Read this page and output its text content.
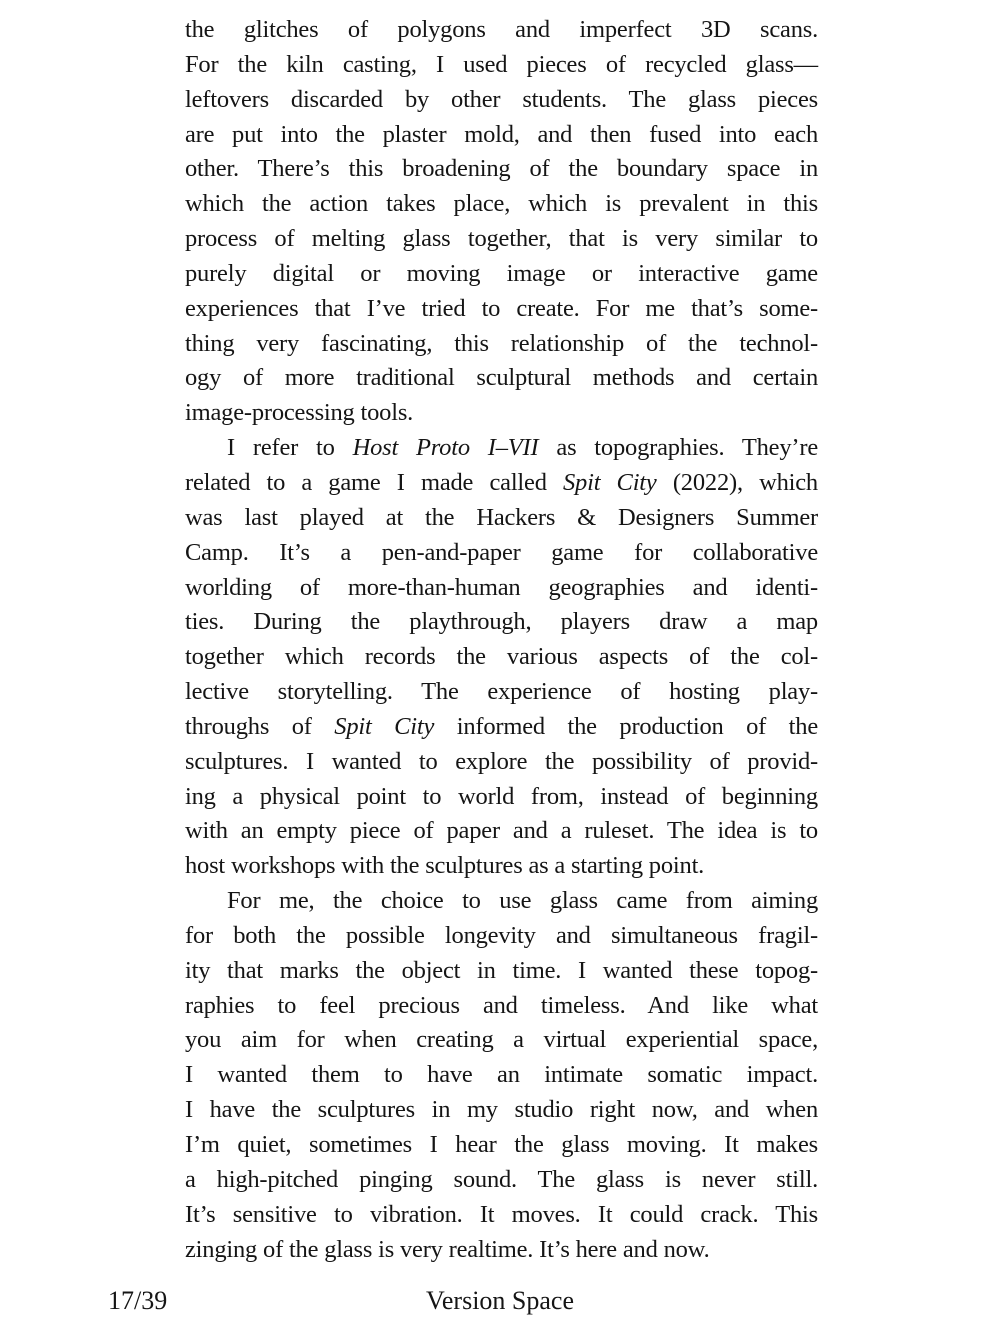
the glitches of polygons and imperfect 3D scans.
For the kiln casting, I used pieces of recycled glass—
leftovers discarded by other students. The glass pieces
are put into the plaster mold, and then fused into each
other. There’s this broadening of the boundary space in
which the action takes place, which is prevalent in this
process of melting glass together, that is very similar to
purely digital or moving image or interactive game
experiences that I’ve tried to create. For me that’s some-
thing very fascinating, this relationship of the technol-
ogy of more traditional sculptural methods and certain
image-processing tools.
I refer to Host Proto I–VII as topographies. They’re
related to a game I made called Spit City (2022), which
was last played at the Hackers & Designers Summer
Camp. It’s a pen-and-paper game for collaborative
worlding of more-than-human geographies and identi-
ties. During the playthrough, players draw a map
together which records the various aspects of the col-
lective storytelling. The experience of hosting play-
throughs of Spit City informed the production of the
sculptures. I wanted to explore the possibility of provid-
ing a physical point to world from, instead of beginning
with an empty piece of paper and a ruleset. The idea is to
host workshops with the sculptures as a starting point.
For me, the choice to use glass came from aiming
for both the possible longevity and simultaneous fragil-
ity that marks the object in time. I wanted these topog-
raphies to feel precious and timeless. And like what
you aim for when creating a virtual experiential space,
I wanted them to have an intimate somatic impact.
I have the sculptures in my studio right now, and when
I’m quiet, sometimes I hear the glass moving. It makes
a high-pitched pinging sound. The glass is never still.
It’s sensitive to vibration. It moves. It could crack. This
zinging of the glass is very realtime. It’s here and now.
17/39	Version Space
